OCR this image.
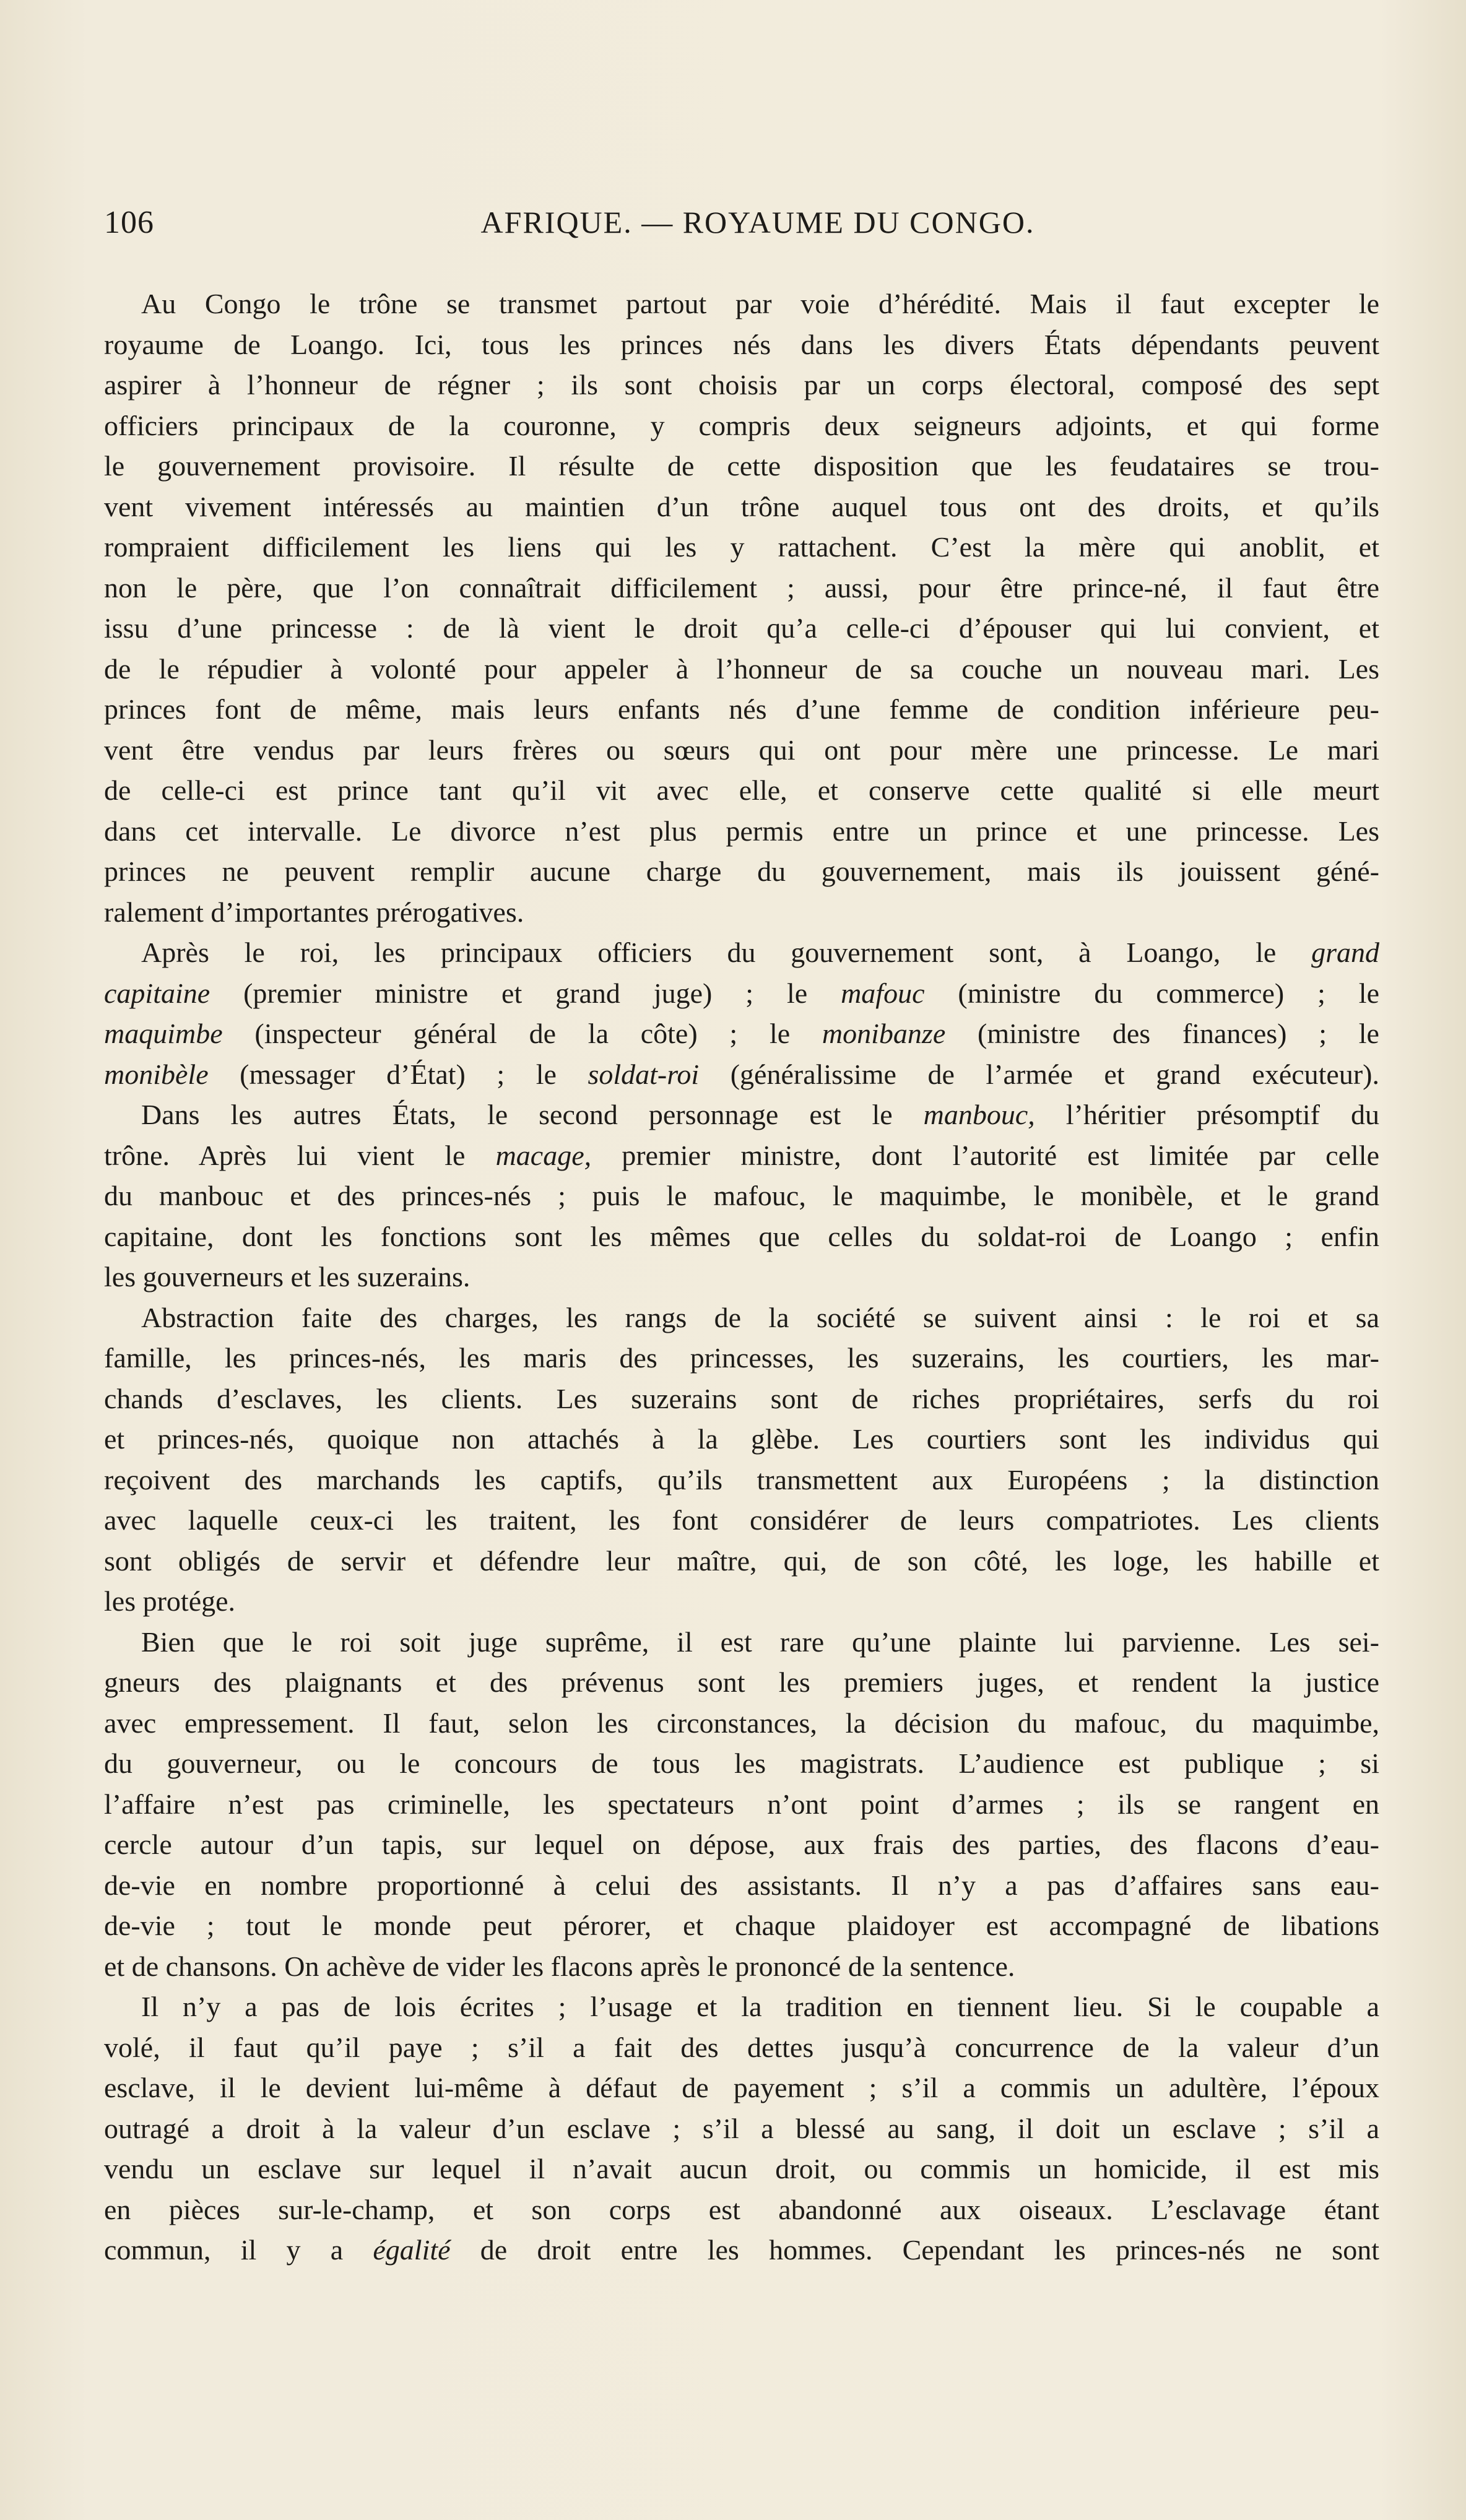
106	AFRIQUE. — ROYAUME DU CONGO.
Au Congo le trône se transmet partout par voie d’hérédité. Mais il faut excepter le
royaume de Loango. Ici, tous les princes nés dans les divers États dépendants peuvent
aspirer à l’honneur de régner ; ils sont choisis par un corps électoral, composé des sept
officiers principaux de la couronne, y compris deux seigneurs adjoints, et qui forme
le gouvernement provisoire. Il résulte de cette disposition que les feudataires se trou-
vent vivement intéressés au maintien d’un trône auquel tous ont des droits, et qu’ils
rompraient difficilement les liens qui les y rattachent. C’est la mère qui anoblit, et
non le père, que l’on connaîtrait difficilement ; aussi, pour être prince-né, il faut être
issu d’une princesse : de là vient le droit qu’a celle-ci d’épouser qui lui convient, et
de le répudier à volonté pour appeler à l’honneur de sa couche un nouveau mari. Les
princes font de même, mais leurs enfants nés d’une femme de condition inférieure peu-
vent être vendus par leurs frères ou sœurs qui ont pour mère une princesse. Le mari
de celle-ci est prince tant qu’il vit avec elle, et conserve cette qualité si elle meurt
dans cet intervalle. Le divorce n’est plus permis entre un prince et une princesse. Les
princes ne peuvent remplir aucune charge du gouvernement, mais ils jouissent géné-
ralement d’importantes prérogatives.
Après le roi, les principaux officiers du gouvernement sont, à Loango, le grand
capitaine (premier ministre et grand juge) ; le mafouc (ministre du commerce) ; le
maquimbe (inspecteur général de la côte) ; le monibanze (ministre des finances) ; le
monibèle (messager d’État) ; le soldat-roi (généralissime de l’armée et grand exécuteur).
Dans les autres États, le second personnage est le manbouc, l’héritier présomptif du
trône. Après lui vient le macage, premier ministre, dont l’autorité est limitée par celle
du manbouc et des princes-nés ; puis le mafouc, le maquimbe, le monibèle, et le grand
capitaine, dont les fonctions sont les mêmes que celles du soldat-roi de Loango ; enfin
les gouverneurs et les suzerains.
Abstraction faite des charges, les rangs de la société se suivent ainsi : le roi et sa
famille, les princes-nés, les maris des princesses, les suzerains, les courtiers, les mar-
chands d’esclaves, les clients. Les suzerains sont de riches propriétaires, serfs du roi
et princes-nés, quoique non attachés à la glèbe. Les courtiers sont les individus qui
reçoivent des marchands les captifs, qu’ils transmettent aux Européens ; la distinction
avec laquelle ceux-ci les traitent, les font considérer de leurs compatriotes. Les clients
sont obligés de servir et défendre leur maître, qui, de son côté, les loge, les habille et
les protége.
Bien que le roi soit juge suprême, il est rare qu’une plainte lui parvienne. Les sei-
gneurs des plaignants et des prévenus sont les premiers juges, et rendent la justice
avec empressement. Il faut, selon les circonstances, la décision du mafouc, du maquimbe,
du gouverneur, ou le concours de tous les magistrats. L’audience est publique ; si
l’affaire n’est pas criminelle, les spectateurs n’ont point d’armes ; ils se rangent en
cercle autour d’un tapis, sur lequel on dépose, aux frais des parties, des flacons d’eau-
de-vie en nombre proportionné à celui des assistants. Il n’y a pas d’affaires sans eau-
de-vie ; tout le monde peut pérorer, et chaque plaidoyer est accompagné de libations
et de chansons. On achève de vider les flacons après le prononcé de la sentence.
Il n’y a pas de lois écrites ; l’usage et la tradition en tiennent lieu. Si le coupable a
volé, il faut qu’il paye ; s’il a fait des dettes jusqu’à concurrence de la valeur d’un
esclave, il le devient lui-même à défaut de payement ; s’il a commis un adultère, l’époux
outragé a droit à la valeur d’un esclave ; s’il a blessé au sang, il doit un esclave ; s’il a
vendu un esclave sur lequel il n’avait aucun droit, ou commis un homicide, il est mis
en pièces sur-le-champ, et son corps est abandonné aux oiseaux. L’esclavage étant
commun, il y a égalité de droit entre les hommes. Cependant les princes-nés ne sont
